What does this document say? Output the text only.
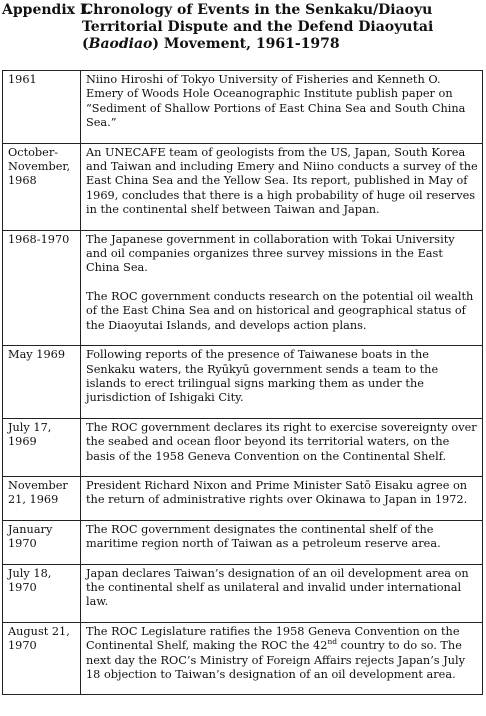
Appendix I.
Chronology of Events in the Senkaku/Diaoyu Territorial Dispute and the Defend Diaoyutai (Baodiao) Movement, 1961-1978
1961	Niino Hiroshi of Tokyo University of Fisheries and Kenneth O. Emery of Woods Hole Oceanographic Institute publish paper on “Sediment of Shallow Portions of East China Sea and South China Sea.”

October-November, 1968	An UNECAFE team of geologists from the US, Japan, South Korea and Taiwan and including Emery and Niino conducts a survey of the East China Sea and the Yellow Sea. Its report, published in May of 1969, concludes that there is a high probability of huge oil reserves in the continental shelf between Taiwan and Japan.

1968-1970	The Japanese government in collaboration with Tokai University and oil companies organizes three survey missions in the East China Sea.

The ROC government conducts research on the potential oil wealth of the East China Sea and on historical and geographical status of the Diaoyutai Islands, and develops action plans.

May 1969	Following reports of the presence of Taiwanese boats in the Senkaku waters, the Ryūkyū government sends a team to the islands to erect trilingual signs marking them as under the jurisdiction of Ishigaki City.

July 17, 1969	The ROC government declares its right to exercise sovereignty over the seabed and ocean floor beyond its territorial waters, on the basis of the 1958 Geneva Convention on the Continental Shelf.

November 21, 1969	President Richard Nixon and Prime Minister Satō Eisaku agree on the return of administrative rights over Okinawa to Japan in 1972.

January 1970	The ROC government designates the continental shelf of the maritime region north of Taiwan as a petroleum reserve area.

July 18, 1970	Japan declares Taiwan’s designation of an oil development area on the continental shelf as unilateral and invalid under international law.

August 21, 1970	The ROC Legislature ratifies the 1958 Geneva Convention on the Continental Shelf, making the ROC the 42nd country to do so. The next day the ROC’s Ministry of Foreign Affairs rejects Japan’s July 18 objection to Taiwan’s designation of an oil development area.
